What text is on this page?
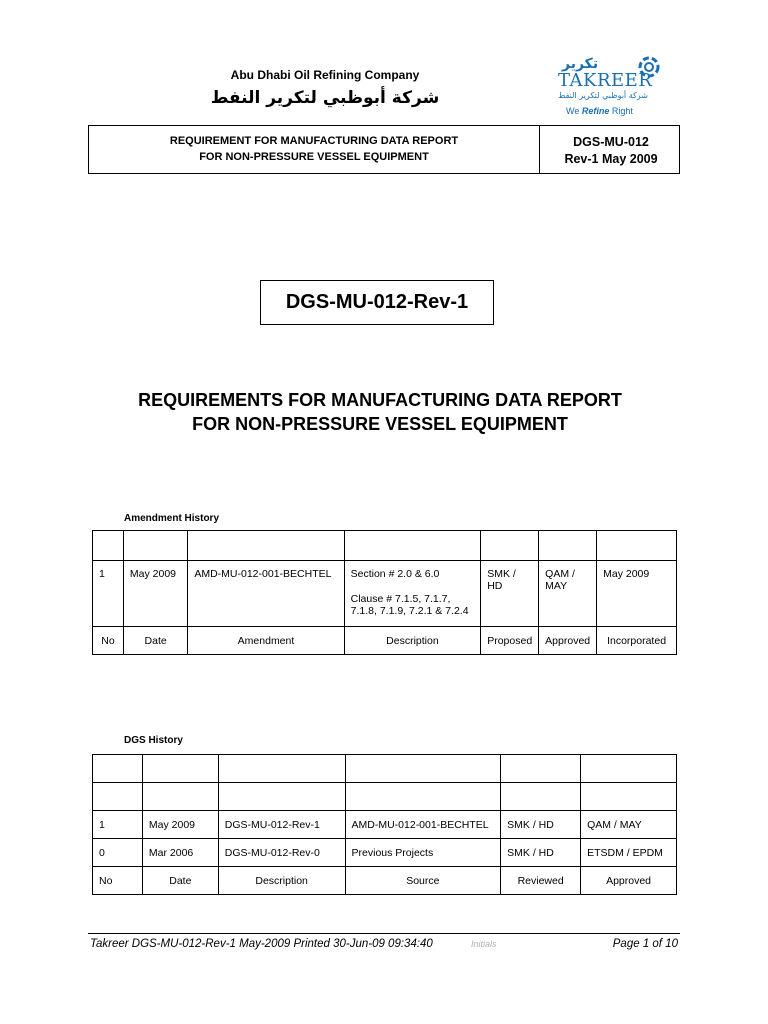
Abu Dhabi Oil Refining Company
شركة أبوظبي لتكرير النفط
تكرير
TAKREER
شركة أبوظبي لتكرير النفط
We Refine Right
REQUIREMENT FOR MANUFACTURING DATA REPORT
FOR NON-PRESSURE VESSEL EQUIPMENT
DGS-MU-012
Rev-1 May 2009
DGS-MU-012-Rev-1
REQUIREMENTS FOR MANUFACTURING DATA REPORT
FOR NON-PRESSURE VESSEL EQUIPMENT
Amendment History

1	May 2009	AMD-MU-012-001-BECHTEL	Section # 2.0 & 6.0
Clause # 7.1.5, 7.1.7, 7.1.8, 7.1.9, 7.2.1 & 7.2.4	SMK / HD	QAM / MAY	May 2009
No	Date	Amendment	Description	Proposed	Approved	Incorporated
DGS History

1	May 2009	DGS-MU-012-Rev-1	AMD-MU-012-001-BECHTEL	SMK / HD	QAM / MAY
0	Mar 2006	DGS-MU-012-Rev-0	Previous Projects	SMK / HD	ETSDM / EPDM
No	Date	Description	Source	Reviewed	Approved
Takreer DGS-MU-012-Rev-1 May-2009 Printed 30-Jun-09 09:34:40	Initials	Page 1 of 10
